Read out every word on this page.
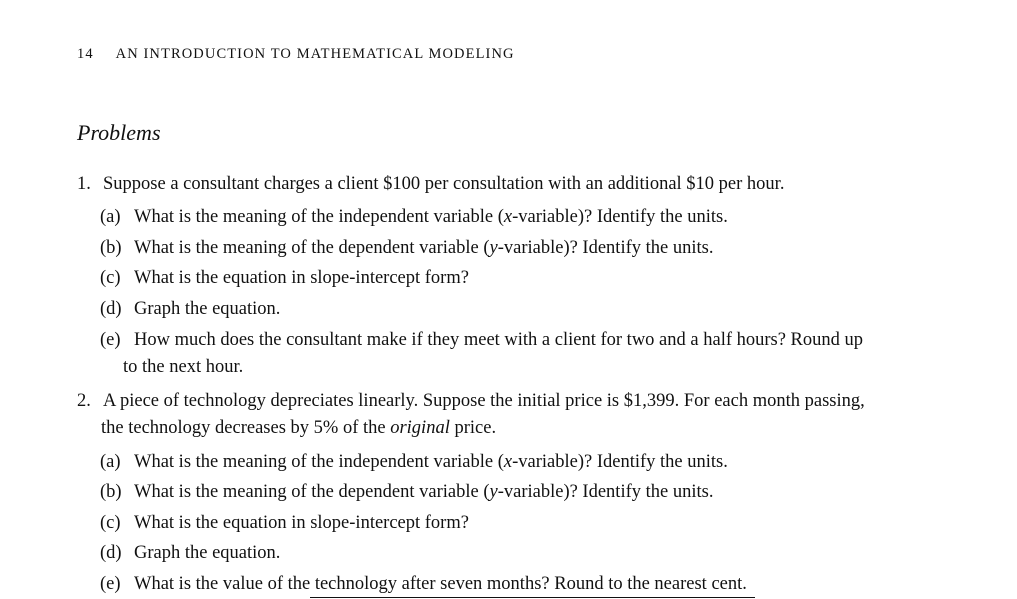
14 AN INTRODUCTION TO MATHEMATICAL MODELING
Problems
1. Suppose a consultant charges a client $100 per consultation with an additional $10 per hour.
(a) What is the meaning of the independent variable (x-variable)? Identify the units.
(b) What is the meaning of the dependent variable (y-variable)? Identify the units.
(c) What is the equation in slope-intercept form?
(d) Graph the equation.
(e) How much does the consultant make if they meet with a client for two and a half hours? Round up
to the next hour.
2. A piece of technology depreciates linearly. Suppose the initial price is $1,399. For each month passing,
the technology decreases by 5% of the original price.
(a) What is the meaning of the independent variable (x-variable)? Identify the units.
(b) What is the meaning of the dependent variable (y-variable)? Identify the units.
(c) What is the equation in slope-intercept form?
(d) Graph the equation.
(e) What is the value of the technology after seven months? Round to the nearest cent.
